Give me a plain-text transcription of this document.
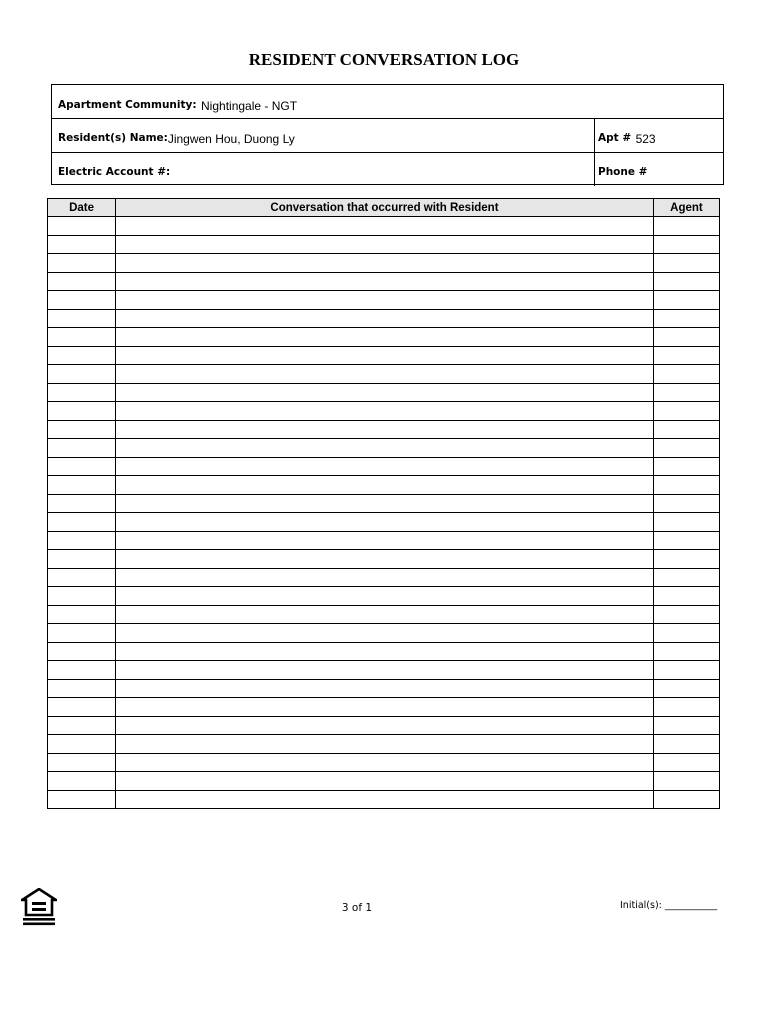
RESIDENT CONVERSATION LOG
Apartment Community: Nightingale - NGT
Resident(s) Name:Jingwen Hou, Duong Ly	Apt # 523
Electric Account #:	Phone #
Date	Conversation that occurred with Resident	Agent

3 of 1	Initial(s): ___________
